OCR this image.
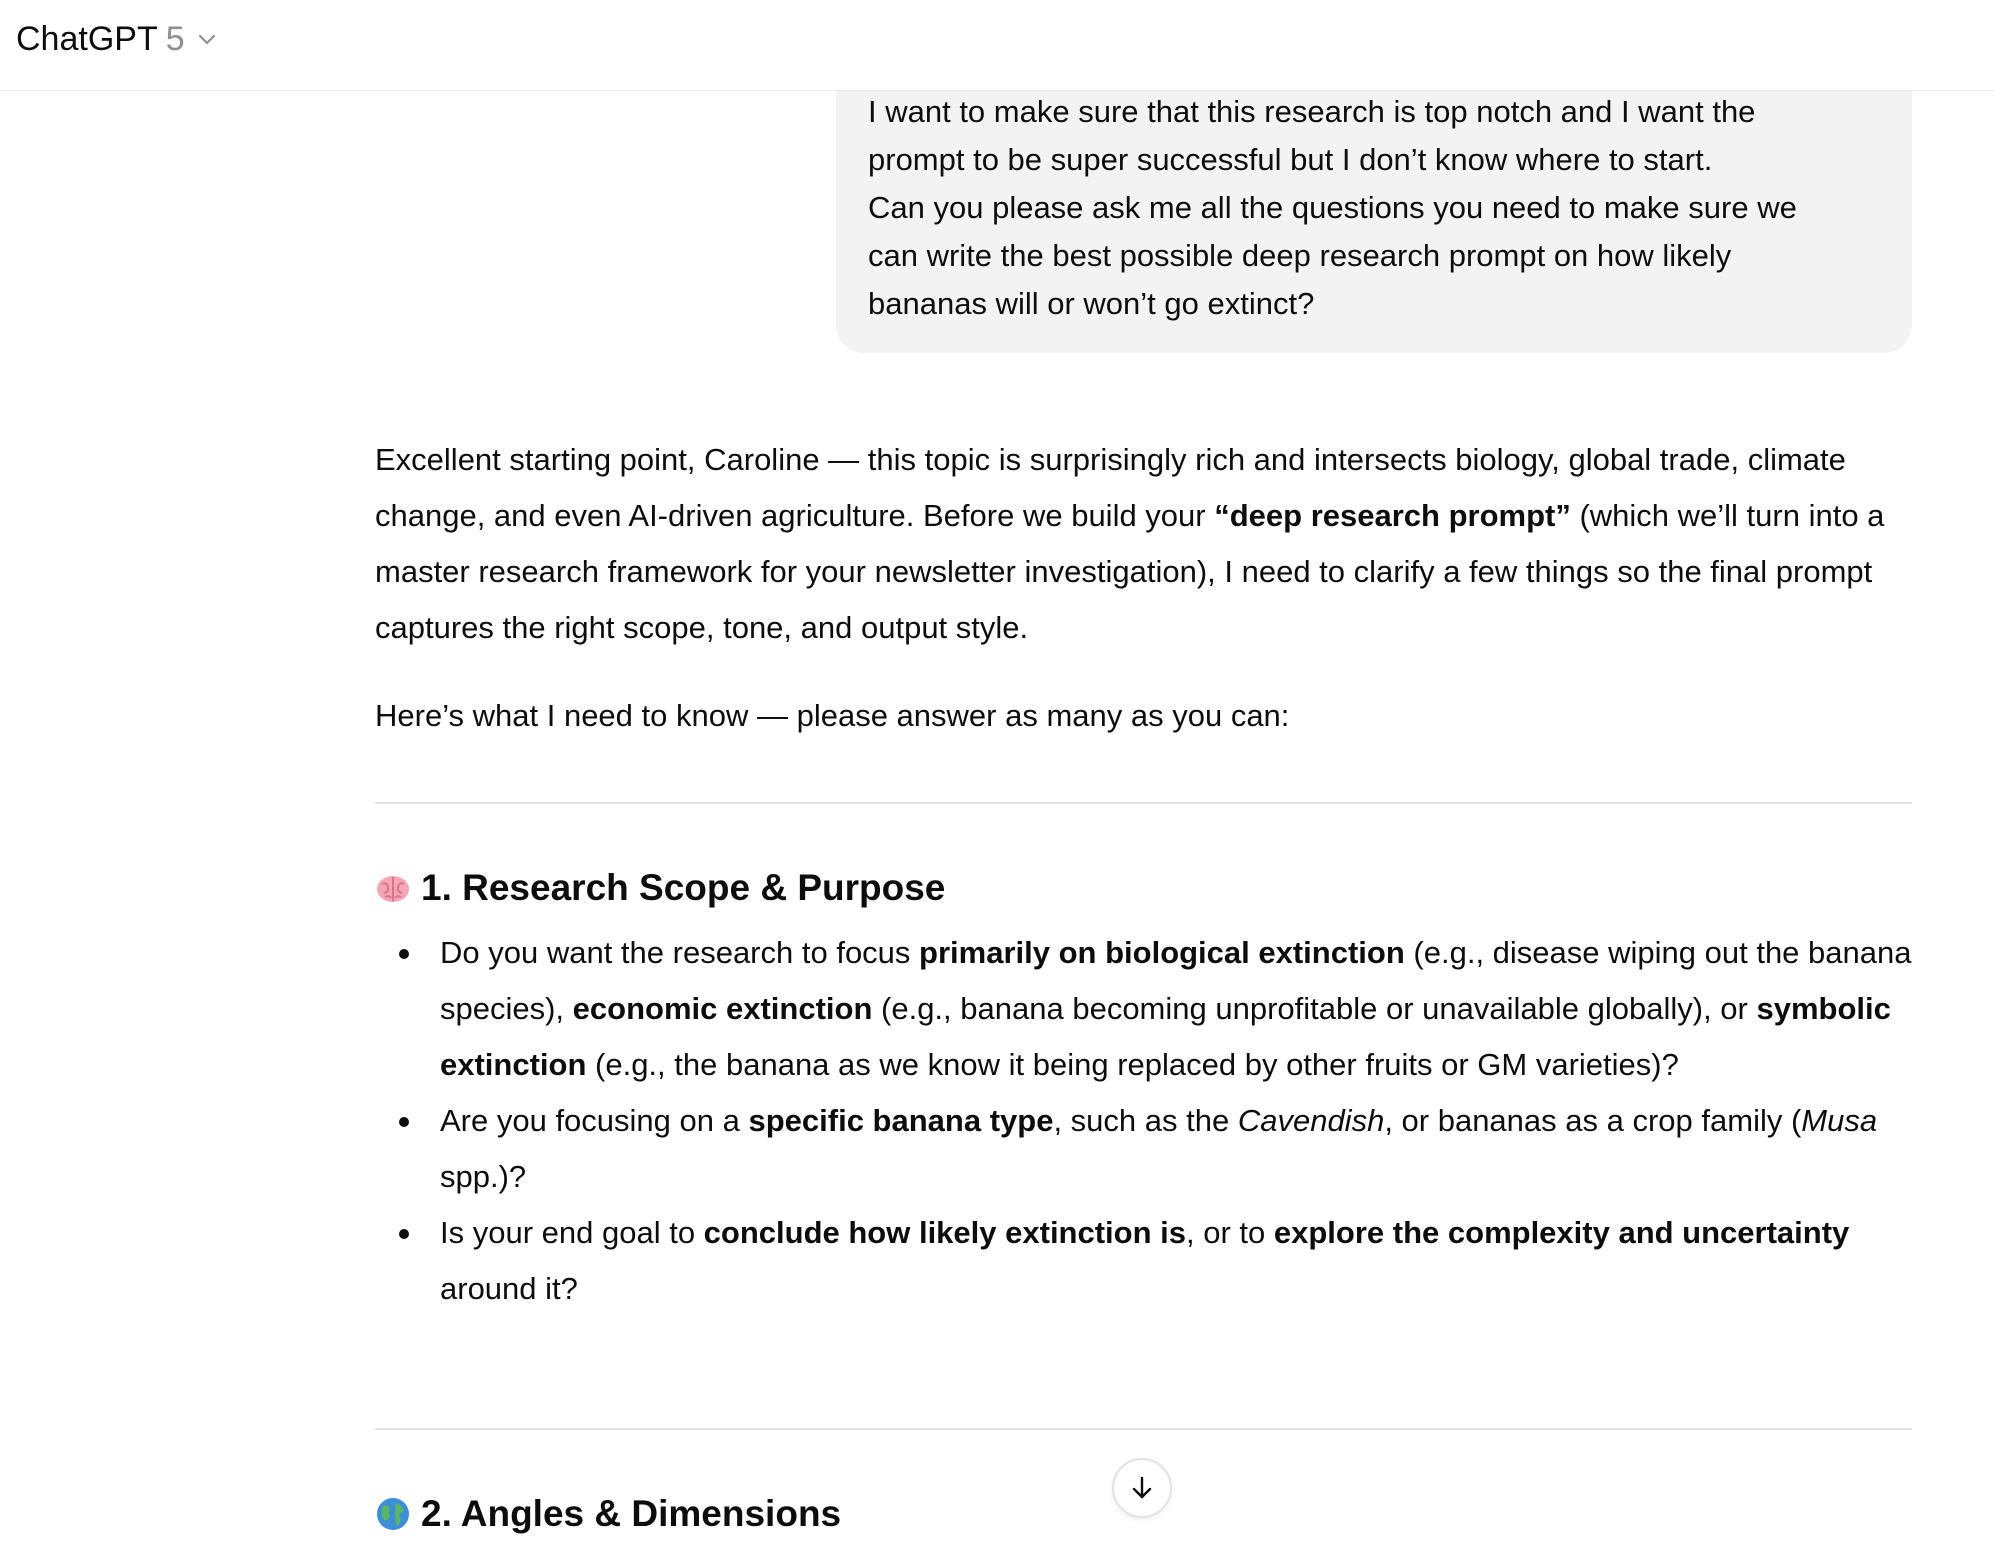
ChatGPT 5

I want to make sure that this research is top notch and I want the

prompt to be super successful but I don’t know where to start.

Can you please ask me all the questions you need to make sure we

can write the best possible deep research prompt on how likely

bananas will or won’t go extinct?

Excellent starting point, Caroline — this topic is surprisingly rich and intersects biology, global trade, climate change, and even AI-driven agriculture. Before we build your “deep research prompt” (which we’ll turn into a master research framework for your newsletter investigation), I need to clarify a few things so the final prompt captures the right scope, tone, and output style.

Here’s what I need to know — please answer as many as you can:

1. Research Scope & Purpose
Do you want the research to focus primarily on biological extinction (e.g., disease wiping out the banana species), economic extinction (e.g., banana becoming unprofitable or unavailable globally), or symbolic extinction (e.g., the banana as we know it being replaced by other fruits or GM varieties)?
Are you focusing on a specific banana type, such as the Cavendish, or bananas as a crop family (Musa spp.)?
Is your end goal to conclude how likely extinction is, or to explore the complexity and uncertainty around it?
2. Angles & Dimensions
